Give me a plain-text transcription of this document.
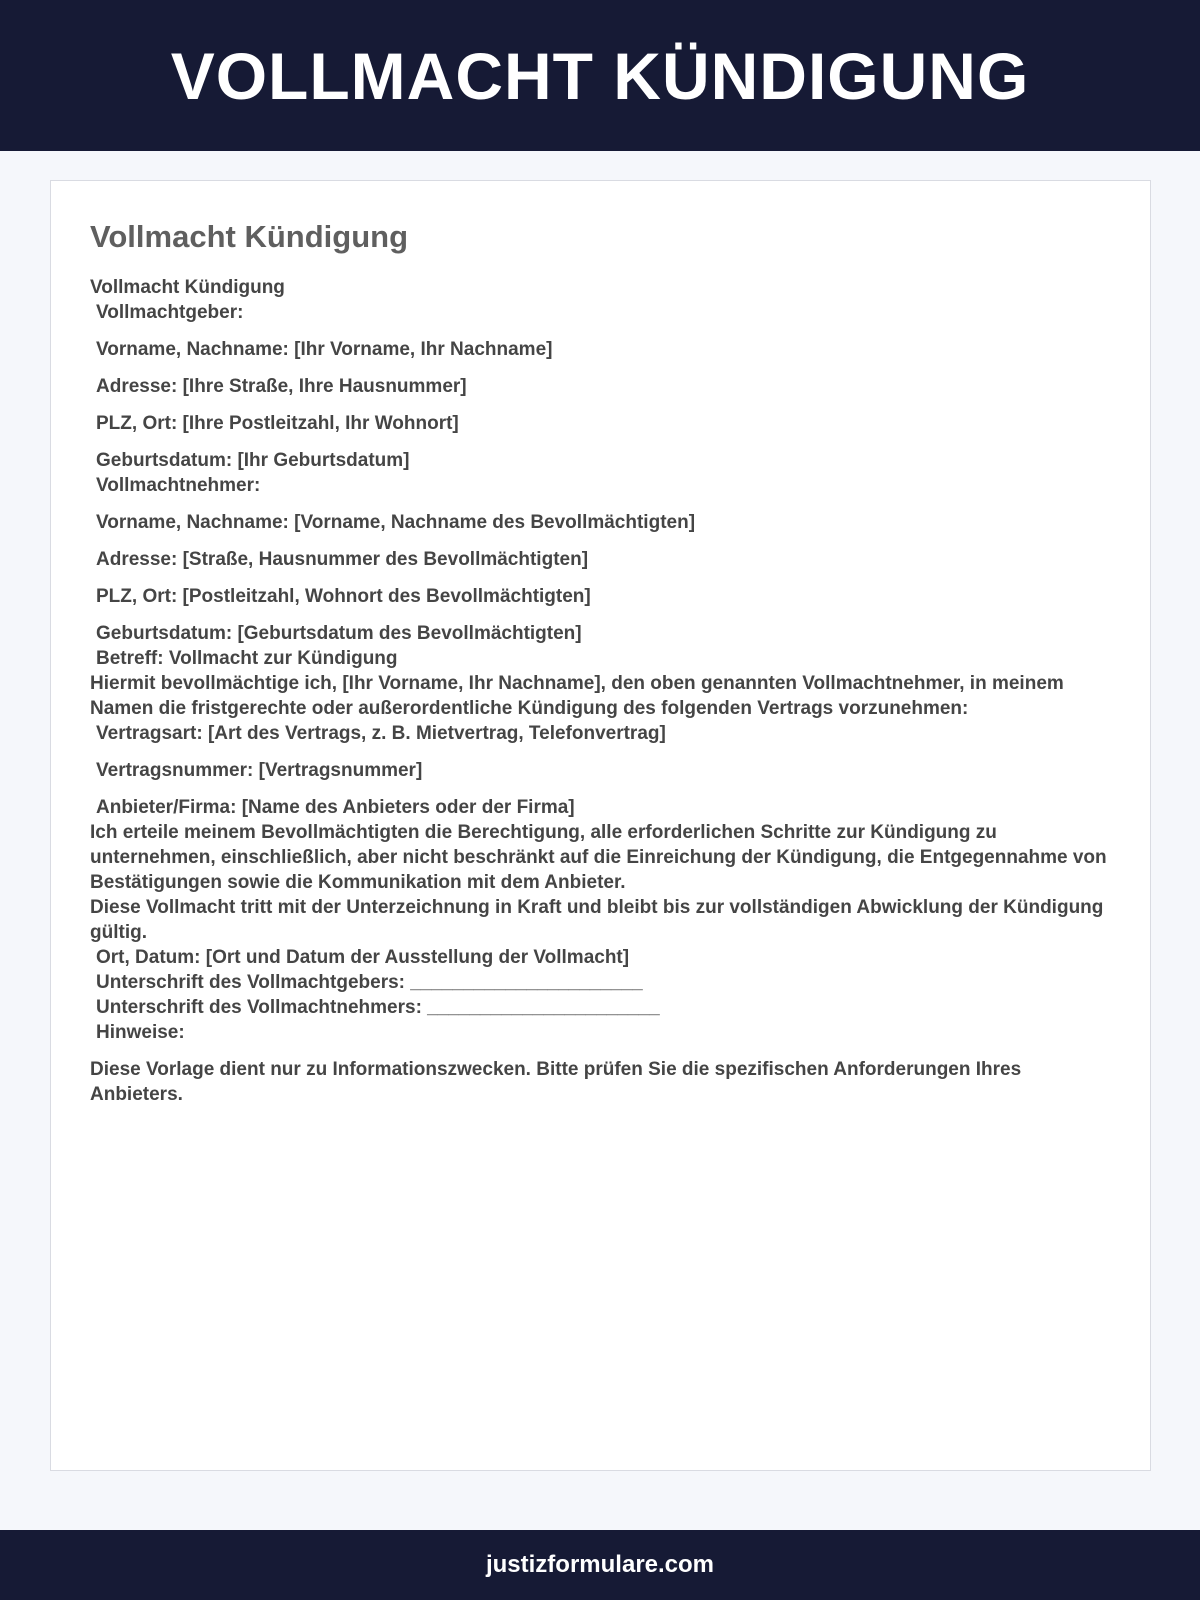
VOLLMACHT KÜNDIGUNG
Vollmacht Kündigung
Vollmacht Kündigung
Vollmachtgeber:
Vorname, Nachname: [Ihr Vorname, Ihr Nachname]
Adresse: [Ihre Straße, Ihre Hausnummer]
PLZ, Ort: [Ihre Postleitzahl, Ihr Wohnort]
Geburtsdatum: [Ihr Geburtsdatum]
Vollmachtnehmer:
Vorname, Nachname: [Vorname, Nachname des Bevollmächtigten]
Adresse: [Straße, Hausnummer des Bevollmächtigten]
PLZ, Ort: [Postleitzahl, Wohnort des Bevollmächtigten]
Geburtsdatum: [Geburtsdatum des Bevollmächtigten]
Betreff: Vollmacht zur Kündigung
Hiermit bevollmächtige ich, [Ihr Vorname, Ihr Nachname], den oben genannten Vollmachtnehmer, in meinem Namen die fristgerechte oder außerordentliche Kündigung des folgenden Vertrags vorzunehmen:
Vertragsart: [Art des Vertrags, z. B. Mietvertrag, Telefonvertrag]
Vertragsnummer: [Vertragsnummer]
Anbieter/Firma: [Name des Anbieters oder der Firma]
Ich erteile meinem Bevollmächtigten die Berechtigung, alle erforderlichen Schritte zur Kündigung zu unternehmen, einschließlich, aber nicht beschränkt auf die Einreichung der Kündigung, die Entgegennahme von Bestätigungen sowie die Kommunikation mit dem Anbieter.
Diese Vollmacht tritt mit der Unterzeichnung in Kraft und bleibt bis zur vollständigen Abwicklung der Kündigung gültig.
Ort, Datum: [Ort und Datum der Ausstellung der Vollmacht]
Unterschrift des Vollmachtgebers: ______________________
Unterschrift des Vollmachtnehmers: ______________________
Hinweise:
Diese Vorlage dient nur zu Informationszwecken. Bitte prüfen Sie die spezifischen Anforderungen Ihres Anbieters.
justizformulare.com
